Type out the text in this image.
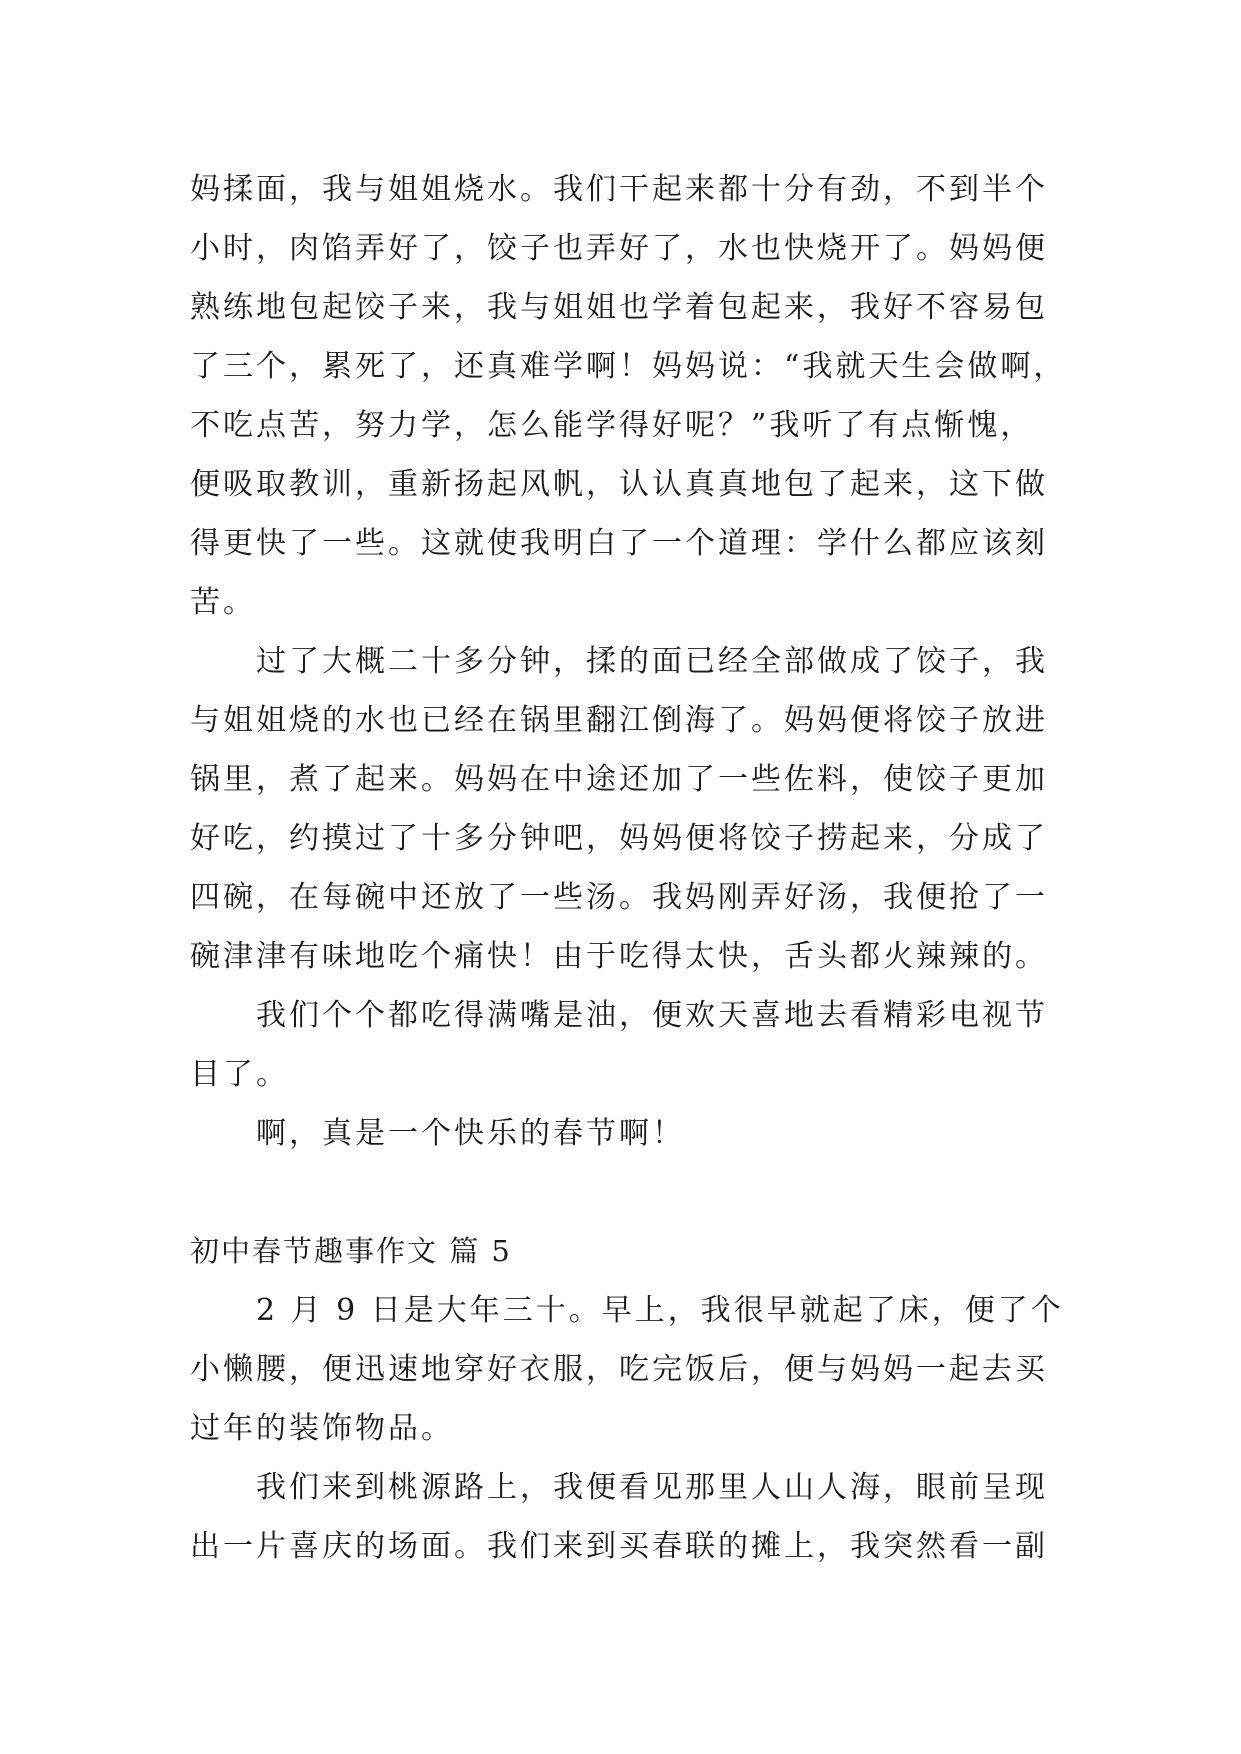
妈揉面，我与姐姐烧水。我们干起来都十分有劲，不到半个
小时，肉馅弄好了，饺子也弄好了，水也快烧开了。妈妈便
熟练地包起饺子来，我与姐姐也学着包起来，我好不容易包
了三个，累死了，还真难学啊！妈妈说：“我就天生会做啊，
不吃点苦，努力学，怎么能学得好呢？”我听了有点惭愧，
便吸取教训，重新扬起风帆，认认真真地包了起来，这下做
得更快了一些。这就使我明白了一个道理：学什么都应该刻
苦。
过了大概二十多分钟，揉的面已经全部做成了饺子，我
与姐姐烧的水也已经在锅里翻江倒海了。妈妈便将饺子放进
锅里，煮了起来。妈妈在中途还加了一些佐料，使饺子更加
好吃，约摸过了十多分钟吧，妈妈便将饺子捞起来，分成了
四碗，在每碗中还放了一些汤。我妈刚弄好汤，我便抢了一
碗津津有味地吃个痛快！由于吃得太快，舌头都火辣辣的。
我们个个都吃得满嘴是油，便欢天喜地去看精彩电视节
目了。
啊，真是一个快乐的春节啊！
初中春节趣事作文 篇 5
2 月 9 日是大年三十。早上，我很早就起了床，便了个
小懒腰，便迅速地穿好衣服，吃完饭后，便与妈妈一起去买
过年的装饰物品。
我们来到桃源路上，我便看见那里人山人海，眼前呈现
出一片喜庆的场面。我们来到买春联的摊上，我突然看一副
